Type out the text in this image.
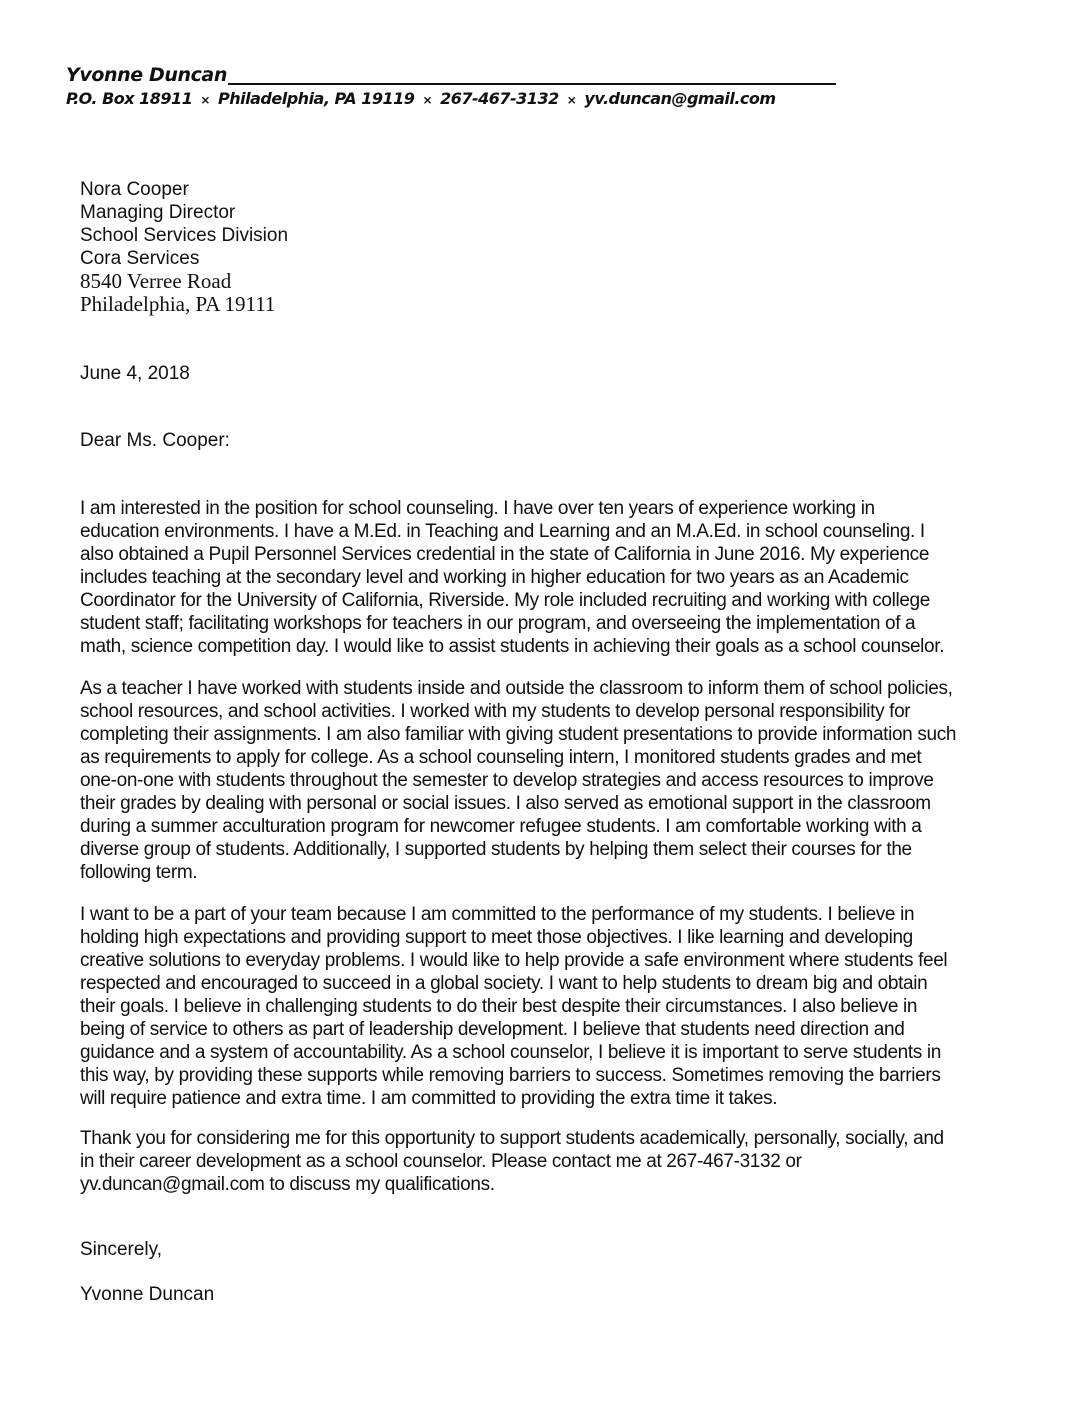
Yvonne Duncan
P.O. Box 18911 ⨯ Philadelphia, PA 19119 ⨯ 267-467-3132 ⨯ yv.duncan@gmail.com
Nora Cooper
Managing Director
School Services Division
Cora Services
8540 Verree Road
Philadelphia, PA 19111
June 4, 2018
Dear Ms. Cooper:
I am interested in the position for school counseling. I have over ten years of experience working in
education environments. I have a M.Ed. in Teaching and Learning and an M.A.Ed. in school counseling. I
also obtained a Pupil Personnel Services credential in the state of California in June 2016. My experience
includes teaching at the secondary level and working in higher education for two years as an Academic
Coordinator for the University of California, Riverside. My role included recruiting and working with college
student staff; facilitating workshops for teachers in our program, and overseeing the implementation of a
math, science competition day. I would like to assist students in achieving their goals as a school counselor.
As a teacher I have worked with students inside and outside the classroom to inform them of school policies,
school resources, and school activities. I worked with my students to develop personal responsibility for
completing their assignments. I am also familiar with giving student presentations to provide information such
as requirements to apply for college. As a school counseling intern, I monitored students grades and met
one-on-one with students throughout the semester to develop strategies and access resources to improve
their grades by dealing with personal or social issues. I also served as emotional support in the classroom
during a summer acculturation program for newcomer refugee students. I am comfortable working with a
diverse group of students. Additionally, I supported students by helping them select their courses for the
following term.
I want to be a part of your team because I am committed to the performance of my students. I believe in
holding high expectations and providing support to meet those objectives. I like learning and developing
creative solutions to everyday problems. I would like to help provide a safe environment where students feel
respected and encouraged to succeed in a global society. I want to help students to dream big and obtain
their goals. I believe in challenging students to do their best despite their circumstances. I also believe in
being of service to others as part of leadership development. I believe that students need direction and
guidance and a system of accountability. As a school counselor, I believe it is important to serve students in
this way, by providing these supports while removing barriers to success. Sometimes removing the barriers
will require patience and extra time. I am committed to providing the extra time it takes.
Thank you for considering me for this opportunity to support students academically, personally, socially, and
in their career development as a school counselor. Please contact me at 267-467-3132 or
yv.duncan@gmail.com to discuss my qualifications.
Sincerely,
Yvonne Duncan
